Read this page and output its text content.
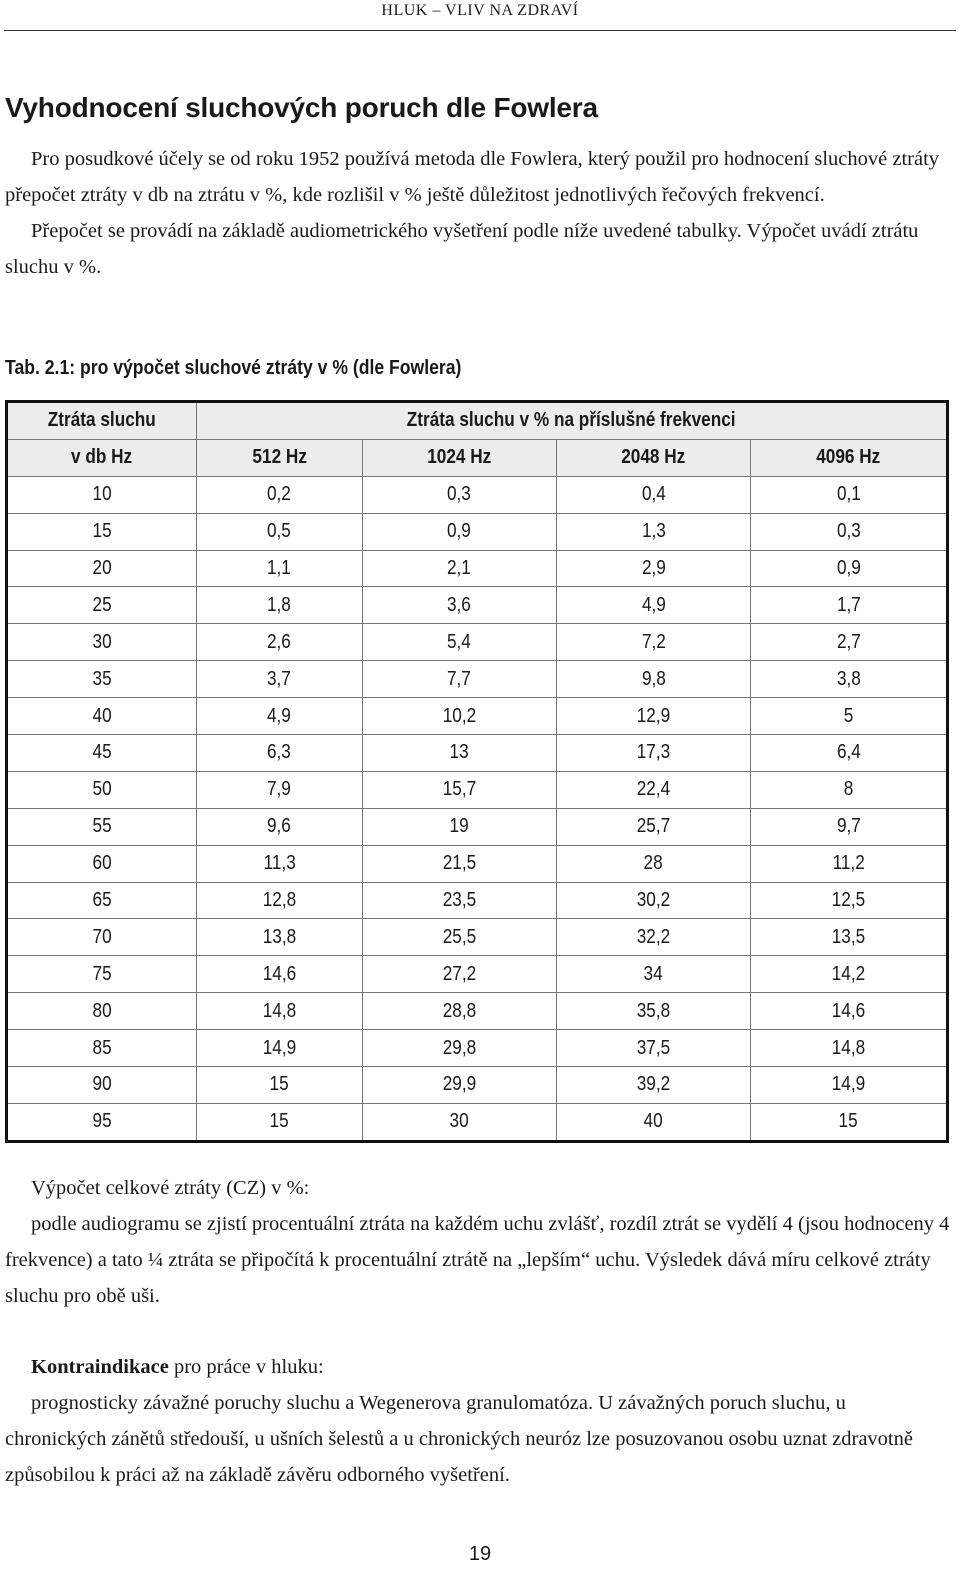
HLUK – VLIV NA ZDRAVÍ
Vyhodnocení sluchových poruch dle Fowlera

Pro posudkové účely se od roku 1952 používá metoda dle Fowlera, který použil pro hodnocení sluchové ztráty přepočet ztráty v db na ztrátu v %, kde rozlišil v % ještě důležitost jednotlivých řečových frekvencí.

Přepočet se provádí na základě audiometrického vyšetření podle níže uvedené tabulky. Výpočet uvádí ztrátu sluchu v %.

Tab. 2.1: pro výpočet sluchové ztráty v % (dle Fowlera)

Ztráta sluchu	Ztráta sluchu v % na příslušné frekvenci			
v db Hz	512 Hz	1024 Hz	2048 Hz	4096 Hz
10	0,2	0,3	0,4	0,1
15	0,5	0,9	1,3	0,3
20	1,1	2,1	2,9	0,9
25	1,8	3,6	4,9	1,7
30	2,6	5,4	7,2	2,7
35	3,7	7,7	9,8	3,8
40	4,9	10,2	12,9	5
45	6,3	13	17,3	6,4
50	7,9	15,7	22,4	8
55	9,6	19	25,7	9,7
60	11,3	21,5	28	11,2
65	12,8	23,5	30,2	12,5
70	13,8	25,5	32,2	13,5
75	14,6	27,2	34	14,2
80	14,8	28,8	35,8	14,6
85	14,9	29,8	37,5	14,8
90	15	29,9	39,2	14,9
95	15	30	40	15

Výpočet celkové ztráty (CZ) v %:

podle audiogramu se zjistí procentuální ztráta na každém uchu zvlášť, rozdíl ztrát se vydělí 4 (jsou hodnoceny 4 frekvence) a tato ¼ ztráta se připočítá k procentuální ztrátě na „lepším“ uchu. Výsledek dává míru celkové ztráty sluchu pro obě uši.

Kontraindikace pro práce v hluku:

prognosticky závažné poruchy sluchu a Wegenerova granulomatóza. U závažných poruch sluchu, u chronických zánětů středouší, u ušních šelestů a u chronických neuróz lze posuzovanou osobu uznat zdravotně způsobilou k práci až na základě závěru odborného vyšetření.

19
